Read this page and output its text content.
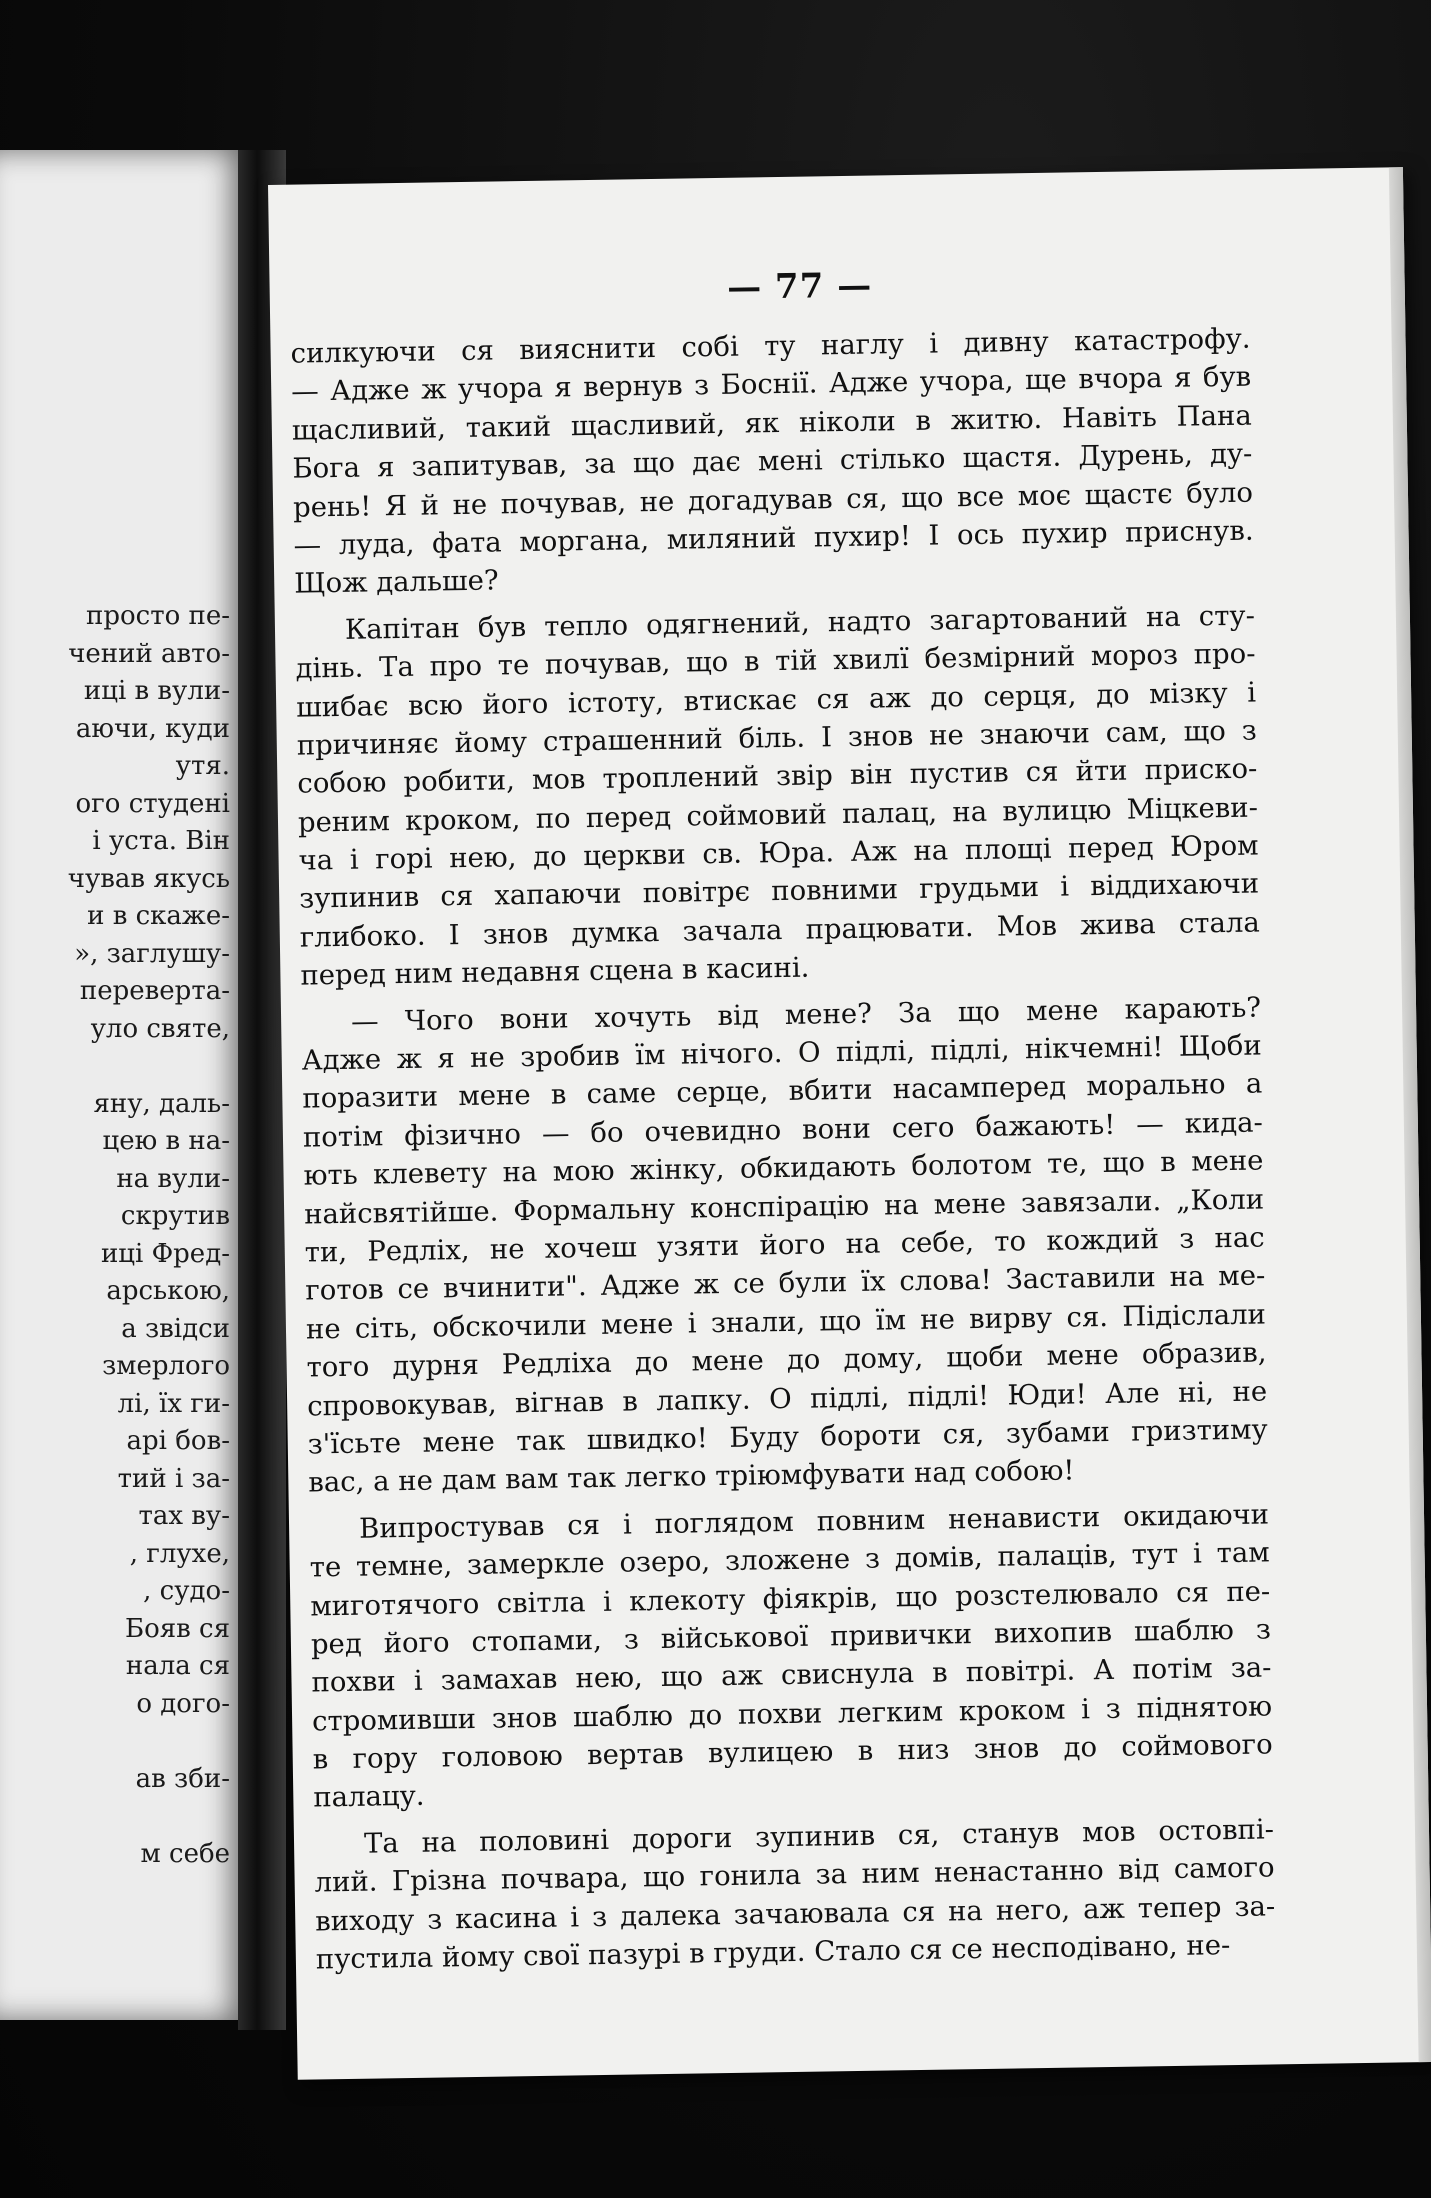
просто пе-
чений авто-
иці в вули-
аючи, куди
утя.
ого студені
і уста. Він
чував якусь
и в скаже-
», заглушу-
переверта-
уло святе,
яну, даль-
цею в на-
на вули-
скрутив
иці Фред-
арською,
а звідси
змерлого
лі, їх ги-
арі бов-
тий і за-
тах ву-
, глухе,
, судо-
Бояв ся
нала ся
о дого-
ав зби-
м себе
— 77 —
силкуючи ся вияснити собі ту наглу і дивну катастрофу.
— Адже ж учора я вернув з Боснії. Адже учора, ще вчора я був
щасливий, такий щасливий, як ніколи в житю. Навіть Пана
Бога я запитував, за що дає мені стілько щастя. Дурень, ду-
рень! Я й не почував, не догадував ся, що все моє щастє було
— луда, фата моргана, миляний пухир! І ось пухир приснув.
Щож дальше?
Капітан був тепло одягнений, надто загартований на сту-
дінь. Та про те почував, що в тій хвилї безмірний мороз про-
шибає всю його істоту, втискає ся аж до серця, до мізку і
причиняє йому страшенний біль. І знов не знаючи сам, що з
собою робити, мов троплений звір він пустив ся йти приско-
реним кроком, по перед соймовий палац, на вулицю Міцкеви-
ча і горі нею, до церкви св. Юра. Аж на площі перед Юром
зупинив ся хапаючи повітрє повними грудьми і віддихаючи
глибоко. І знов думка зачала працювати. Мов жива стала
перед ним недавня сцена в касині.
— Чого вони хочуть від мене? За що мене карають?
Адже ж я не зробив їм нічого. О підлі, підлі, нікчемні! Щоби
поразити мене в саме серце, вбити насамперед морально а
потім фізично — бо очевидно вони сего бажають! — кида-
ють клевету на мою жінку, обкидають болотом те, що в мене
найсвятійше. Формальну конспірацію на мене завязали. „Коли
ти, Редліх, не хочеш узяти його на себе, то кождий з нас
готов се вчинити". Адже ж се були їх слова! Заставили на ме-
не сіть, обскочили мене і знали, що їм не вирву ся. Підіслали
того дурня Редліха до мене до дому, щоби мене образив,
спровокував, вігнав в лапку. О підлі, підлі! Юди! Але ні, не
з'їсьте мене так швидко! Буду бороти ся, зубами гризтиму
вас, а не дам вам так легко тріюмфувати над собою!
Випростував ся і поглядом повним ненависти окидаючи
те темне, замеркле озеро, зложене з домів, палаців, тут і там
миготячого світла і клекоту фіякрів, що розстелювало ся пе-
ред його стопами, з військової привички вихопив шаблю з
похви і замахав нею, що аж свиснула в повітрі. А потім за-
стромивши знов шаблю до похви легким кроком і з піднятою
в гору головою вертав вулицею в низ знов до соймового
палацу.
Та на половині дороги зупинив ся, станув мов остовпі-
лий. Грізна почвара, що гонила за ним ненастанно від самого
виходу з касина і з далека зачаювала ся на него, аж тепер за-
пустила йому свої пазурі в груди. Стало ся се несподівано, не-
